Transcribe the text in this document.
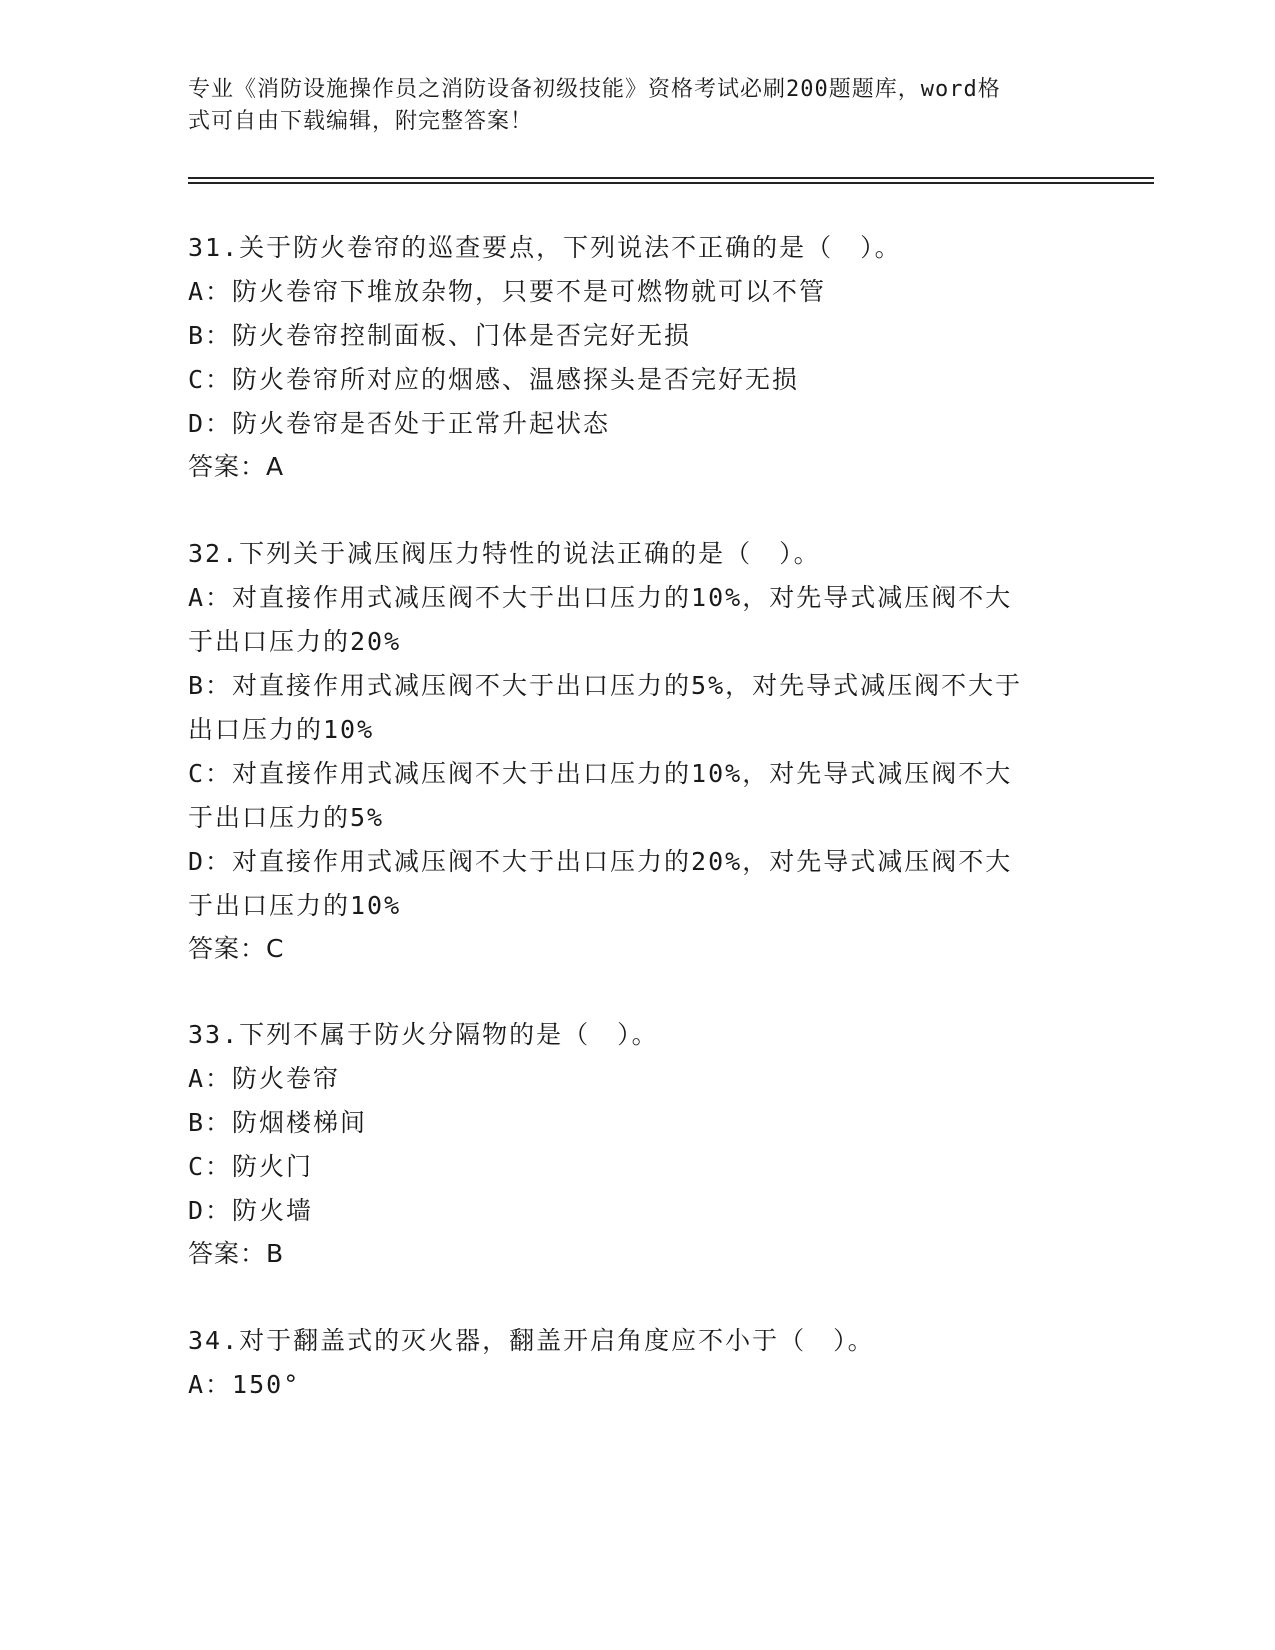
专业《消防设施操作员之消防设备初级技能》资格考试必刷200题题库，word格
式可自由下载编辑，附完整答案！
31.关于防火卷帘的巡查要点，下列说法不正确的是（　）。
A：防火卷帘下堆放杂物，只要不是可燃物就可以不管
B：防火卷帘控制面板、门体是否完好无损
C：防火卷帘所对应的烟感、温感探头是否完好无损
D：防火卷帘是否处于正常升起状态
答案：A
32.下列关于减压阀压力特性的说法正确的是（　）。
A：对直接作用式减压阀不大于出口压力的10%，对先导式减压阀不大
于出口压力的20%
B：对直接作用式减压阀不大于出口压力的5%，对先导式减压阀不大于
出口压力的10%
C：对直接作用式减压阀不大于出口压力的10%，对先导式减压阀不大
于出口压力的5%
D：对直接作用式减压阀不大于出口压力的20%，对先导式减压阀不大
于出口压力的10%
答案：C
33.下列不属于防火分隔物的是（　）。
A：防火卷帘
B：防烟楼梯间
C：防火门
D：防火墙
答案：B
34.对于翻盖式的灭火器，翻盖开启角度应不小于（　）。
A：150°
